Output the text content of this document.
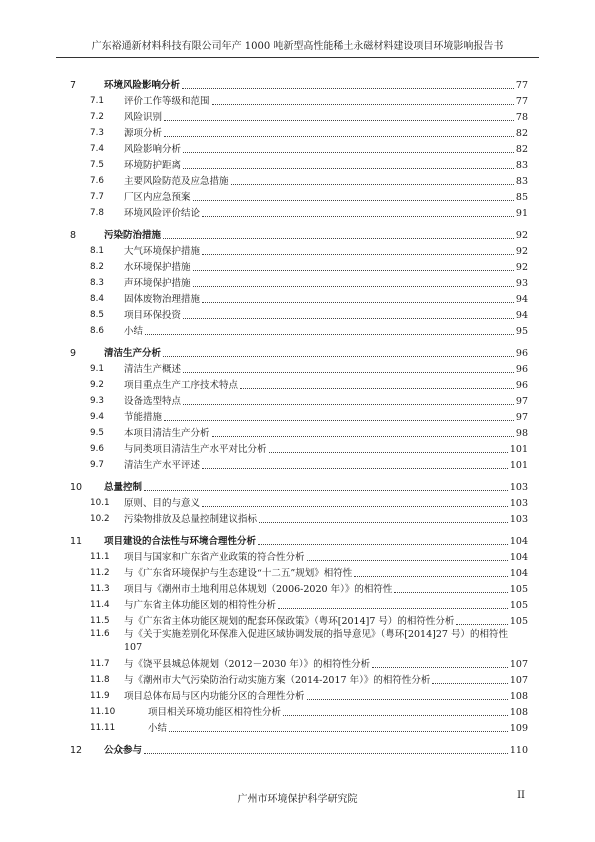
广东裕通新材料科技有限公司年产 1000 吨新型高性能稀土永磁材料建设项目环境影响报告书
7	环境风险影响分析	77
7.1	评价工作等级和范围	77
7.2	风险识别	78
7.3	源项分析	82
7.4	风险影响分析	82
7.5	环境防护距离	83
7.6	主要风险防范及应急措施	83
7.7	厂区内应急预案	85
7.8	环境风险评价结论	91
8	污染防治措施	92
8.1	大气环境保护措施	92
8.2	水环境保护措施	92
8.3	声环境保护措施	93
8.4	固体废物治理措施	94
8.5	项目环保投资	94
8.6	小结	95
9	清洁生产分析	96
9.1	清洁生产概述	96
9.2	项目重点生产工序技术特点	96
9.3	设备选型特点	97
9.4	节能措施	97
9.5	本项目清洁生产分析	98
9.6	与同类项目清洁生产水平对比分析	101
9.7	清洁生产水平评述	101
10	总量控制	103
10.1	原则、目的与意义	103
10.2	污染物排放及总量控制建议指标	103
11	项目建设的合法性与环境合理性分析	104
11.1	项目与国家和广东省产业政策的符合性分析	104
11.2	与《广东省环境保护与生态建设“十二五”规划》相符性	104
11.3	项目与《潮州市土地利用总体规划（2006-2020 年）》的相符性	105
11.4	与广东省主体功能区划的相符性分析	105
11.5	与《广东省主体功能区规划的配套环保政策》（粤环[2014]7 号）的相符性分析	105
11.6	与《关于实施差别化环保准入促进区域协调发展的指导意见》（粤环[2014]27 号）的相符性
107
11.7	与《饶平县城总体规划（2012－2030 年）》的相符性分析	107
11.8	与《潮州市大气污染防治行动实施方案（2014-2017 年）》的相符性分析	107
11.9	项目总体布局与区内功能分区的合理性分析	108
11.10	项目相关环境功能区相符性分析	108
11.11	小结	109
12	公众参与	110
广州市环境保护科学研究院	II
